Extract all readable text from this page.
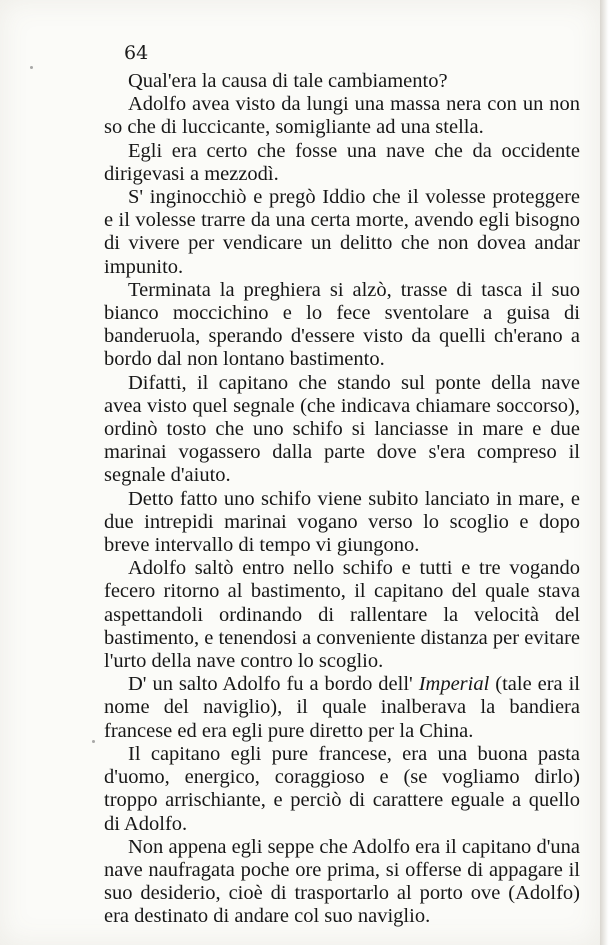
64

Qual'era la causa di tale cambiamento?

Adolfo avea visto da lungi una massa nera con un non so che di luccicante, somigliante ad una stella.

Egli era certo che fosse una nave che da occidente dirigevasi a mezzodì.

S' inginocchiò e pregò Iddio che il volesse proteggere e il volesse trarre da una certa morte, avendo egli bisogno di vivere per vendicare un delitto che non dovea andar impunito.

Terminata la preghiera si alzò, trasse di tasca il suo bianco moccichino e lo fece sventolare a guisa di banderuola, sperando d'essere visto da quelli ch'erano a bordo dal non lontano bastimento.

Difatti, il capitano che stando sul ponte della nave avea visto quel segnale (che indicava chiamare soccorso), ordinò tosto che uno schifo si lanciasse in mare e due marinai vogassero dalla parte dove s'era compreso il segnale d'aiuto.

Detto fatto uno schifo viene subito lanciato in mare, e due intrepidi marinai vogano verso lo scoglio e dopo breve intervallo di tempo vi giungono.

Adolfo saltò entro nello schifo e tutti e tre vogando fecero ritorno al bastimento, il capitano del quale stava aspettandoli ordinando di rallentare la velocità del bastimento, e tenendosi a conveniente distanza per evitare l'urto della nave contro lo scoglio.

D' un salto Adolfo fu a bordo dell' Imperial (tale era il nome del naviglio), il quale inalberava la bandiera francese ed era egli pure diretto per la China.

Il capitano egli pure francese, era una buona pasta d'uomo, energico, coraggioso e (se vogliamo dirlo) troppo arrischiante, e perciò di carattere eguale a quello di Adolfo.

Non appena egli seppe che Adolfo era il capitano d'una nave naufragata poche ore prima, si offerse di appagare il suo desiderio, cioè di trasportarlo al porto ove (Adolfo) era destinato di andare col suo naviglio.
